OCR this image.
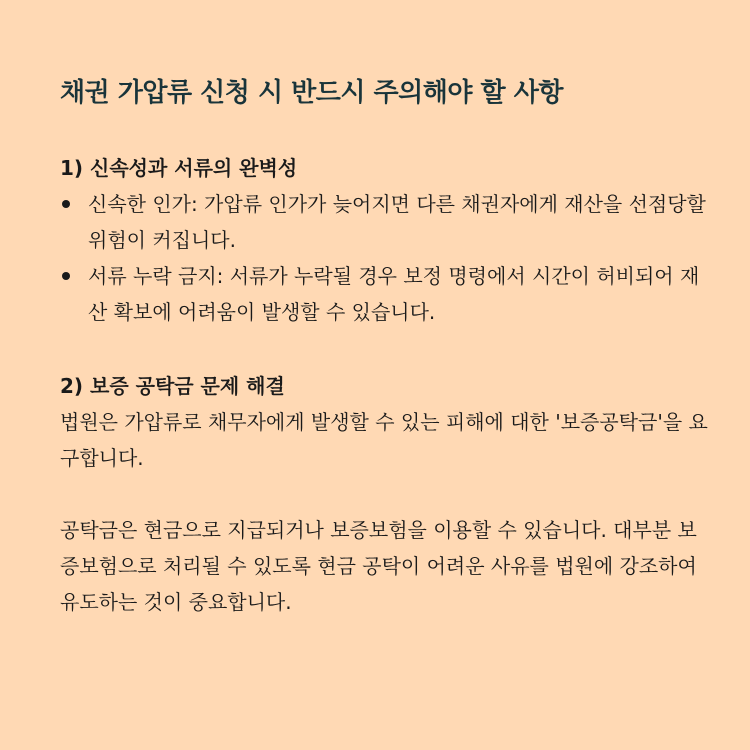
채권 가압류 신청 시 반드시 주의해야 할 사항
1) 신속성과 서류의 완벽성
신속한 인가: 가압류 인가가 늦어지면 다른 채권자에게 재산을 선점당할 위험이 커집니다.
서류 누락 금지: 서류가 누락될 경우 보정 명령에서 시간이 허비되어 재산 확보에 어려움이 발생할 수 있습니다.
2) 보증 공탁금 문제 해결

법원은 가압류로 채무자에게 발생할 수 있는 피해에 대한 '보증공탁금'을 요구합니다.

공탁금은 현금으로 지급되거나 보증보험을 이용할 수 있습니다. 대부분 보증보험으로 처리될 수 있도록 현금 공탁이 어려운 사유를 법원에 강조하여 유도하는 것이 중요합니다.
